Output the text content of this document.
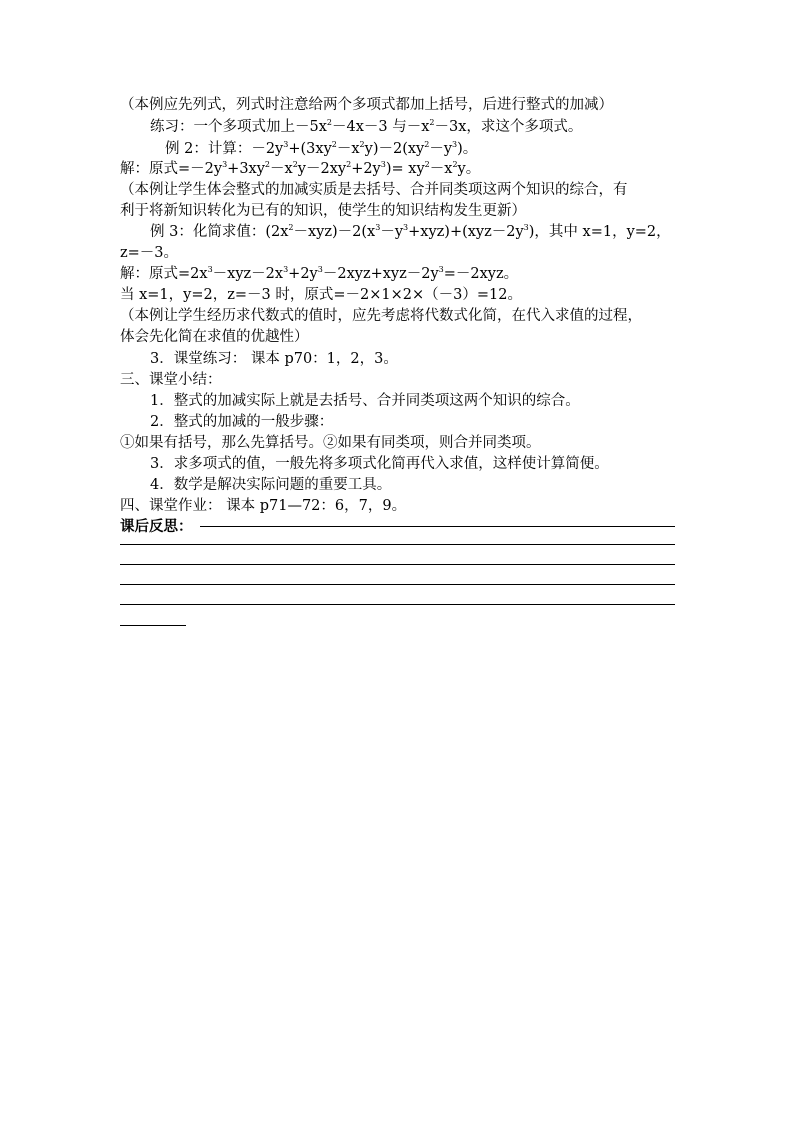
（本例应先列式，列式时注意给两个多项式都加上括号，后进行整式的加减）
练习：一个多项式加上$-5x^2-4x-3$ 与$-x^2-3x$，求这个多项式。
例 2：计算：$-2y^3+(3xy^2-x^2y)-2(xy^2-y^3)$。
解：原式$=-2y^3+3xy^2-x^2y-2xy^2+2y^3)= xy^2-x^2y$。
（本例让学生体会整式的加减实质是去括号、合并同类项这两个知识的综合，有
利于将新知识转化为已有的知识，使学生的知识结构发生更新）
例 3：化简求值：$(2x^2-xyz)-2(x^3-y^3+xyz)+(xyz-2y^3)$，其中 x=1，y=2，
z=－3。
解：原式$=2x^3-xyz-2x^3+2y^3-2xyz+xyz-2y^3=-2xyz$。
当 x=1，y=2，z=－3 时，原式=－2×1×2×（－3）=12。
（本例让学生经历求代数式的值时，应先考虑将代数式化简，在代入求值的过程，
体会先化简在求值的优越性）
3．课堂练习： 课本 p70：1，2，3。
三、课堂小结：
1．整式的加减实际上就是去括号、合并同类项这两个知识的综合。
2．整式的加减的一般步骤：
①如果有括号，那么先算括号。②如果有同类项，则合并同类项。
3．求多项式的值，一般先将多项式化简再代入求值，这样使计算简便。
4．数学是解决实际问题的重要工具。
四、课堂作业： 课本 p71—72：6，7，9。
课后反思：
